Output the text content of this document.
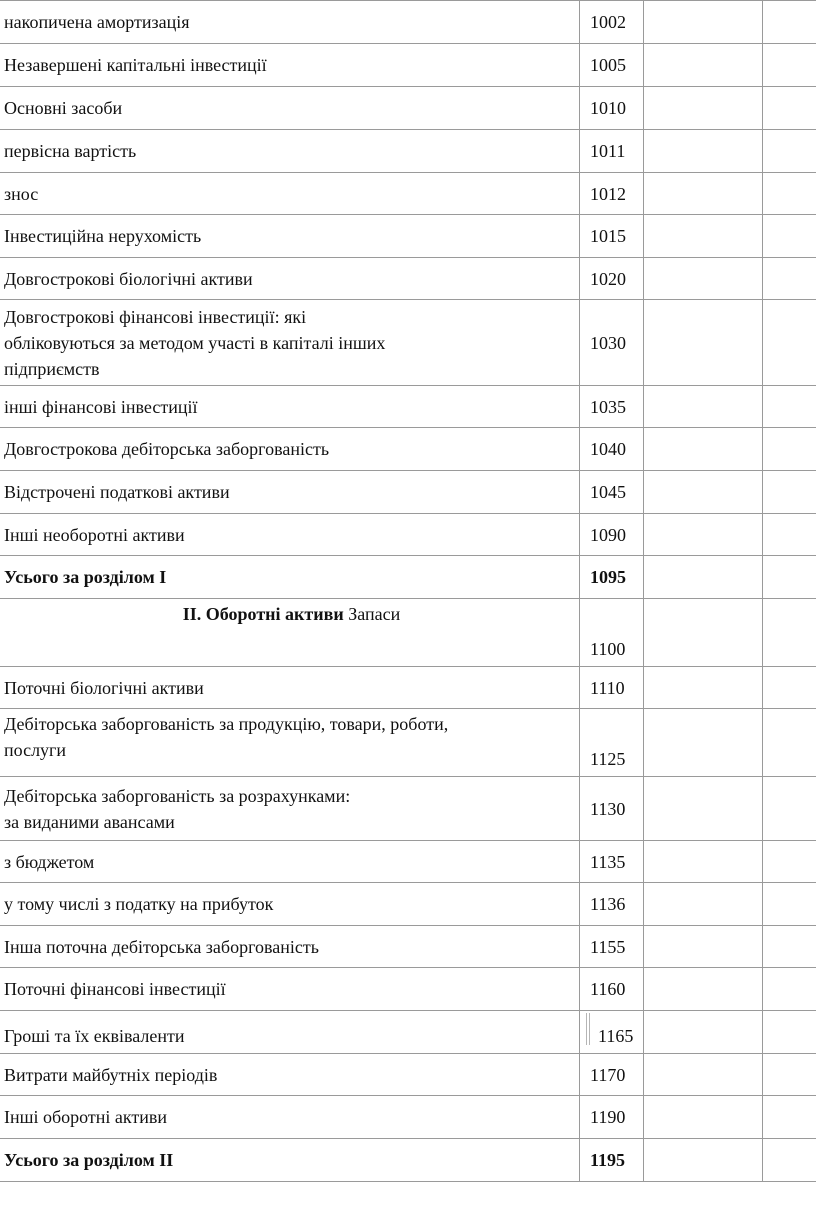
накопичена амортизація	1002		
Незавершені капітальні інвестиції	1005		
Основні засоби	1010		
первісна вартість	1011		
знос	1012		
Інвестиційна нерухомість	1015		
Довгострокові біологічні активи	1020		

Довгострокові фінансові інвестиції: які
обліковуються за методом участі в капіталі інших
підприємств	1030		
інші фінансові інвестиції	1035		
Довгострокова дебіторська заборгованість	1040		
Відстрочені податкові активи	1045		
Інші необоротні активи	1090		
Усього за розділом I	1095		
II. Оборотні активи Запаси	1100		
Поточні біологічні активи	1110		

Дебіторська заборгованість за продукцію, товари, роботи,
послуги	1125		

Дебіторська заборгованість за розрахунками:
за виданими авансами	1130		
з бюджетом	1135		
у тому числі з податку на прибуток	1136		
Інша поточна дебіторська заборгованість	1155		
Поточні фінансові інвестиції	1160		
Гроші та їх еквіваленти	1165	

Витрати майбутніх періодів	1170		
Інші оборотні активи	1190		
Усього за розділом II	1195		
